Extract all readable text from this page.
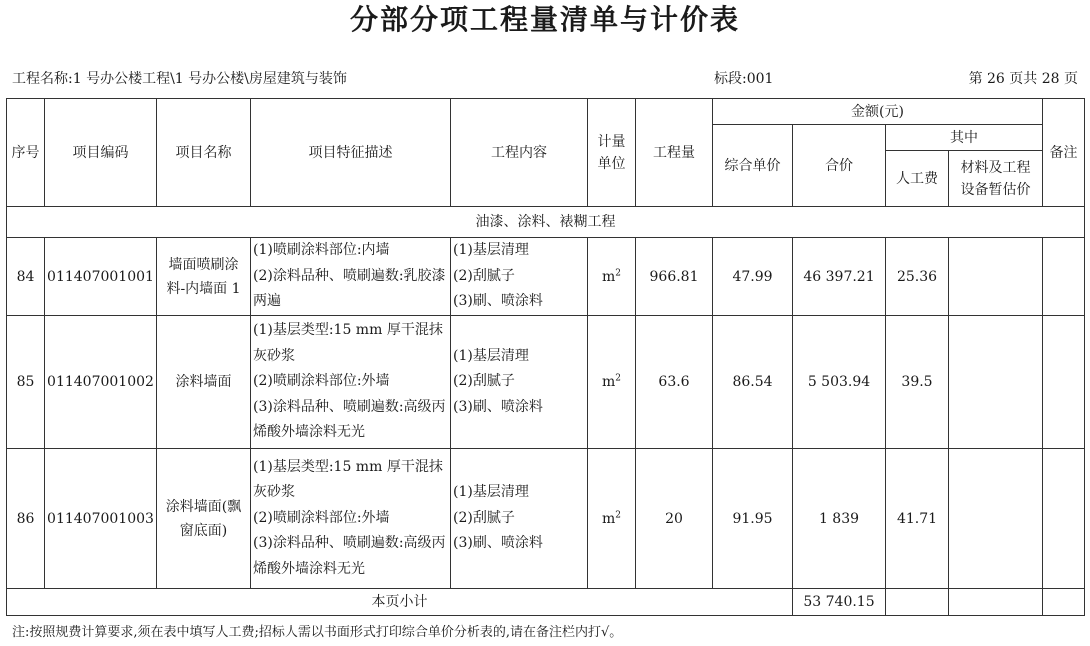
分部分项工程量清单与计价表
工程名称:1 号办公楼工程\1 号办公楼\房屋建筑与装饰	标段:001	第 26 页共 28 页
序号	项目编码	项目名称	项目特征描述	工程内容	计量单位	工程量	金额(元)				备注
							综合单价	合价	其中		
									人工费	材料及工程设备暂估价	
油漆、涂料、裱糊工程											
84	011407001001	墙面喷刷涂料-内墙面 1	(1)喷刷涂料部位:内墙
(2)涂料品种、喷刷遍数:乳胶漆两遍	(1)基层清理
(2)刮腻子
(3)刷、喷涂料	$m^2$	966.81	47.99	46 397.21	25.36		
85	011407001002	涂料墙面	(1)基层类型:15 mm 厚干混抹灰砂浆
(2)喷刷涂料部位:外墙
(3)涂料品种、喷刷遍数:高级丙烯酸外墙涂料无光	(1)基层清理
(2)刮腻子
(3)刷、喷涂料	$m^2$	63.6	86.54	5 503.94	39.5		
86	011407001003	涂料墙面(飘窗底面)	(1)基层类型:15 mm 厚干混抹灰砂浆
(2)喷刷涂料部位:外墙
(3)涂料品种、喷刷遍数:高级丙烯酸外墙涂料无光	(1)基层清理
(2)刮腻子
(3)刷、喷涂料	$m^2$	20	91.95	1 839	41.71		
本页小计								53 740.15			
注:按照规费计算要求,须在表中填写人工费;招标人需以书面形式打印综合单价分析表的,请在备注栏内打√。
